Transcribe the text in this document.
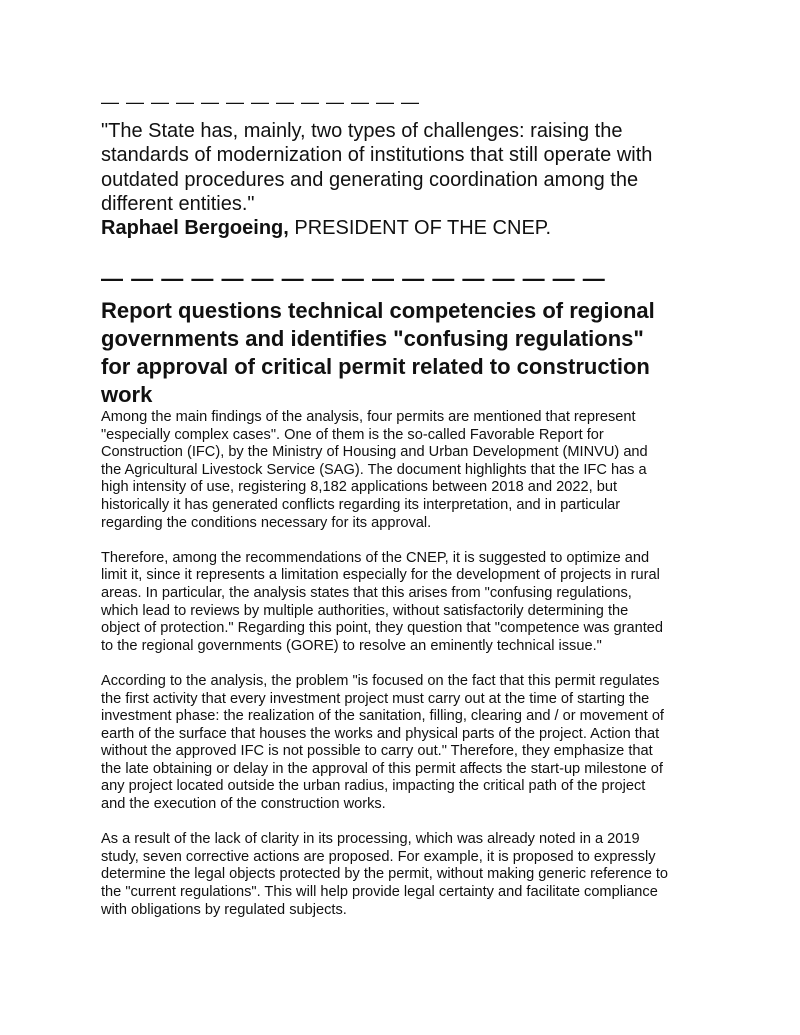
— — — — — — — — — — — — —
"The State has, mainly, two types of challenges: raising the
standards of modernization of institutions that still operate with
outdated procedures and generating coordination among the
different entities."
Raphael Bergoeing, PRESIDENT OF THE CNEP.
— — — — — — — — — — — — — — — — —
Report questions technical competencies of regional
governments and identifies "confusing regulations"
for approval of critical permit related to construction
work
Among the main findings of the analysis, four permits are mentioned that represent
"especially complex cases". One of them is the so-called Favorable Report for
Construction (IFC), by the Ministry of Housing and Urban Development (MINVU) and
the Agricultural Livestock Service (SAG). The document highlights that the IFC has a
high intensity of use, registering 8,182 applications between 2018 and 2022, but
historically it has generated conflicts regarding its interpretation, and in particular
regarding the conditions necessary for its approval.
Therefore, among the recommendations of the CNEP, it is suggested to optimize and
limit it, since it represents a limitation especially for the development of projects in rural
areas. In particular, the analysis states that this arises from "confusing regulations,
which lead to reviews by multiple authorities, without satisfactorily determining the
object of protection." Regarding this point, they question that "competence was granted
to the regional governments (GORE) to resolve an eminently technical issue."
According to the analysis, the problem "is focused on the fact that this permit regulates
the first activity that every investment project must carry out at the time of starting the
investment phase: the realization of the sanitation, filling, clearing and / or movement of
earth of the surface that houses the works and physical parts of the project. Action that
without the approved IFC is not possible to carry out." Therefore, they emphasize that
the late obtaining or delay in the approval of this permit affects the start-up milestone of
any project located outside the urban radius, impacting the critical path of the project
and the execution of the construction works.
As a result of the lack of clarity in its processing, which was already noted in a 2019
study, seven corrective actions are proposed. For example, it is proposed to expressly
determine the legal objects protected by the permit, without making generic reference to
the "current regulations". This will help provide legal certainty and facilitate compliance
with obligations by regulated subjects.
